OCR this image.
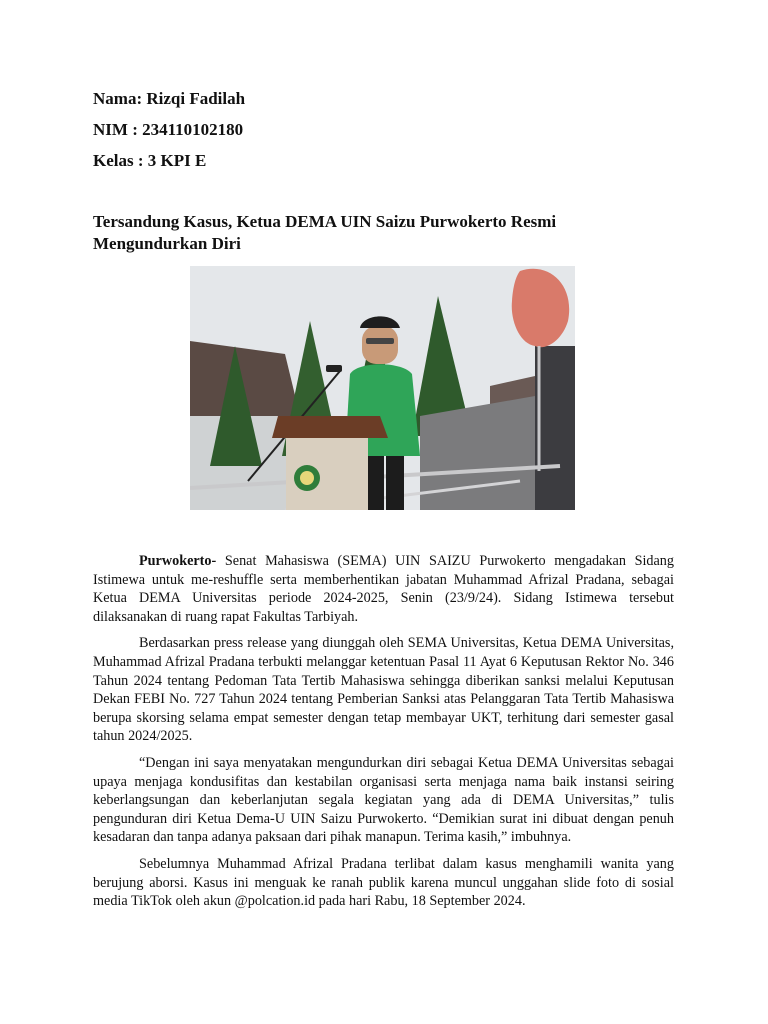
Nama: Rizqi Fadilah

NIM : 234110102180

Kelas : 3 KPI E

Tersandung Kasus, Ketua DEMA UIN Saizu Purwokerto Resmi Mengundurkan Diri

Purwokerto- Senat Mahasiswa (SEMA) UIN SAIZU Purwokerto mengadakan Sidang Istimewa untuk me-reshuffle serta memberhentikan jabatan Muhammad Afrizal Pradana, sebagai Ketua DEMA Universitas periode 2024-2025, Senin (23/9/24). Sidang Istimewa tersebut dilaksanakan di ruang rapat Fakultas Tarbiyah.

Berdasarkan press release yang diunggah oleh SEMA Universitas, Ketua DEMA Universitas, Muhammad Afrizal Pradana terbukti melanggar ketentuan Pasal 11 Ayat 6 Keputusan Rektor No. 346 Tahun 2024 tentang Pedoman Tata Tertib Mahasiswa sehingga diberikan sanksi melalui Keputusan Dekan FEBI No. 727 Tahun 2024 tentang Pemberian Sanksi atas Pelanggaran Tata Tertib Mahasiswa berupa skorsing selama empat semester dengan tetap membayar UKT, terhitung dari semester gasal tahun 2024/2025.

“Dengan ini saya menyatakan mengundurkan diri sebagai Ketua DEMA Universitas sebagai upaya menjaga kondusifitas dan kestabilan organisasi serta menjaga nama baik instansi seiring keberlangsungan dan keberlanjutan segala kegiatan yang ada di DEMA Universitas,” tulis pengunduran diri Ketua Dema-U UIN Saizu Purwokerto. “Demikian surat ini dibuat dengan penuh kesadaran dan tanpa adanya paksaan dari pihak manapun. Terima kasih,” imbuhnya.

Sebelumnya Muhammad Afrizal Pradana terlibat dalam kasus menghamili wanita yang berujung aborsi. Kasus ini menguak ke ranah publik karena muncul unggahan slide foto di sosial media TikTok oleh akun @polcation.id pada hari Rabu, 18 September 2024.
